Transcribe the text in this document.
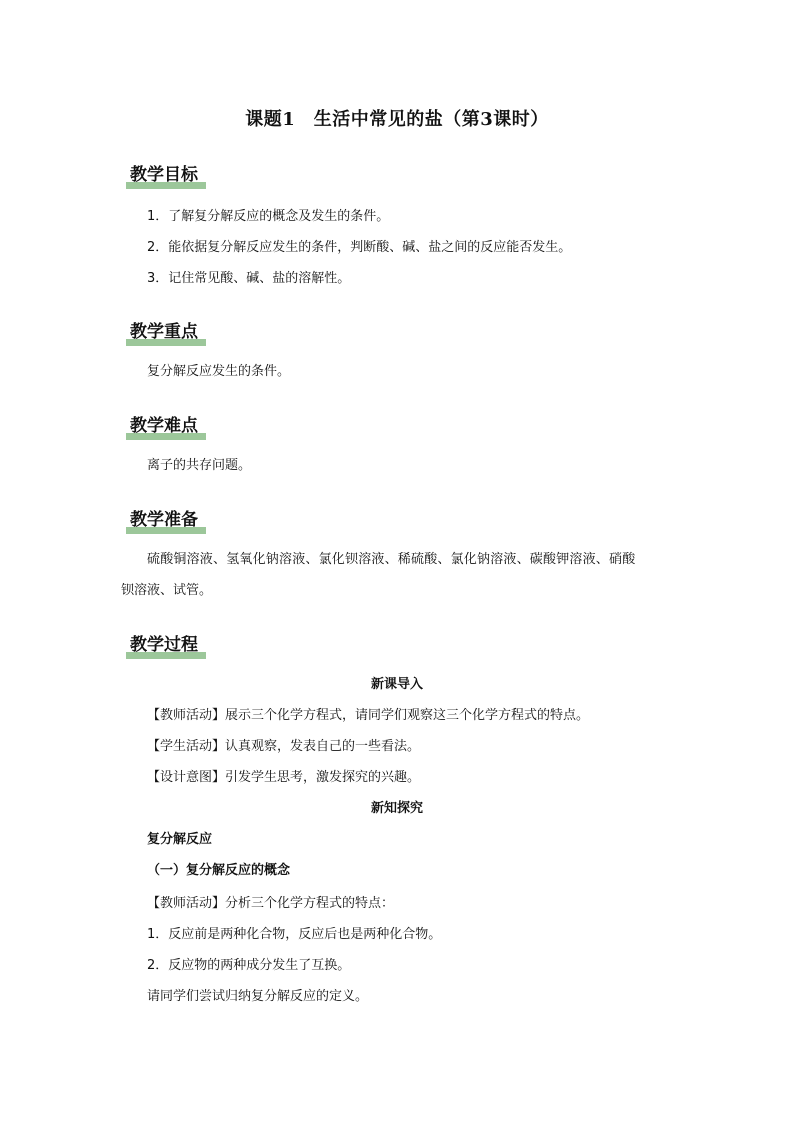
课题1　生活中常见的盐（第3课时）
教学目标
1．了解复分解反应的概念及发生的条件。
2．能依据复分解反应发生的条件，判断酸、碱、盐之间的反应能否发生。
3．记住常见酸、碱、盐的溶解性。
教学重点
复分解反应发生的条件。
教学难点
离子的共存问题。
教学准备
硫酸铜溶液、氢氧化钠溶液、氯化钡溶液、稀硫酸、氯化钠溶液、碳酸钾溶液、硝酸
钡溶液、试管。
教学过程
新课导入
【教师活动】展示三个化学方程式，请同学们观察这三个化学方程式的特点。
【学生活动】认真观察，发表自己的一些看法。
【设计意图】引发学生思考，激发探究的兴趣。
新知探究
复分解反应
（一）复分解反应的概念
【教师活动】分析三个化学方程式的特点：
1．反应前是两种化合物，反应后也是两种化合物。
2．反应物的两种成分发生了互换。
请同学们尝试归纳复分解反应的定义。
